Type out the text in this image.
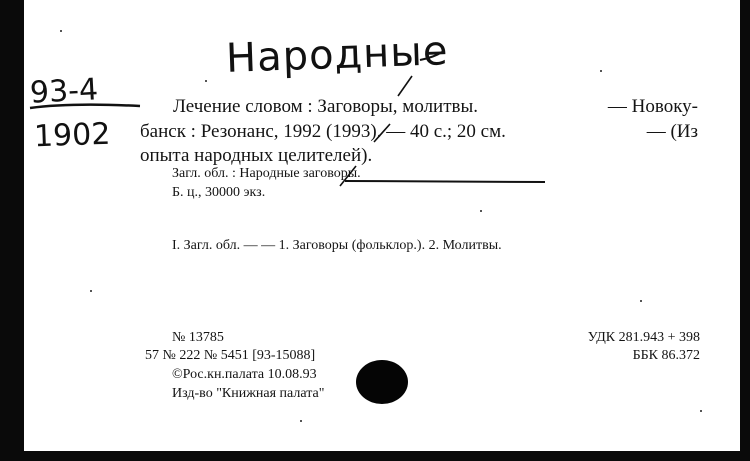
Народные
93-4
1902
Лечение словом : Заговоры, молитвы.	— Новоку-
банск : Резонанс, 1992 (1993). — 40 с.; 20 см.	— (Из
опыта народных целителей).
Загл. обл. : Народные заговоры.
Б. ц., 30000 экз.
I. Загл. обл. — — 1. Заговоры (фольклор.). 2. Молитвы.
№ 13785
57 № 222 № 5451 [93-15088]
©Рос.кн.палата 10.08.93
Изд-во "Книжная палата"
УДК 281.943 + 398
ББК 86.372
